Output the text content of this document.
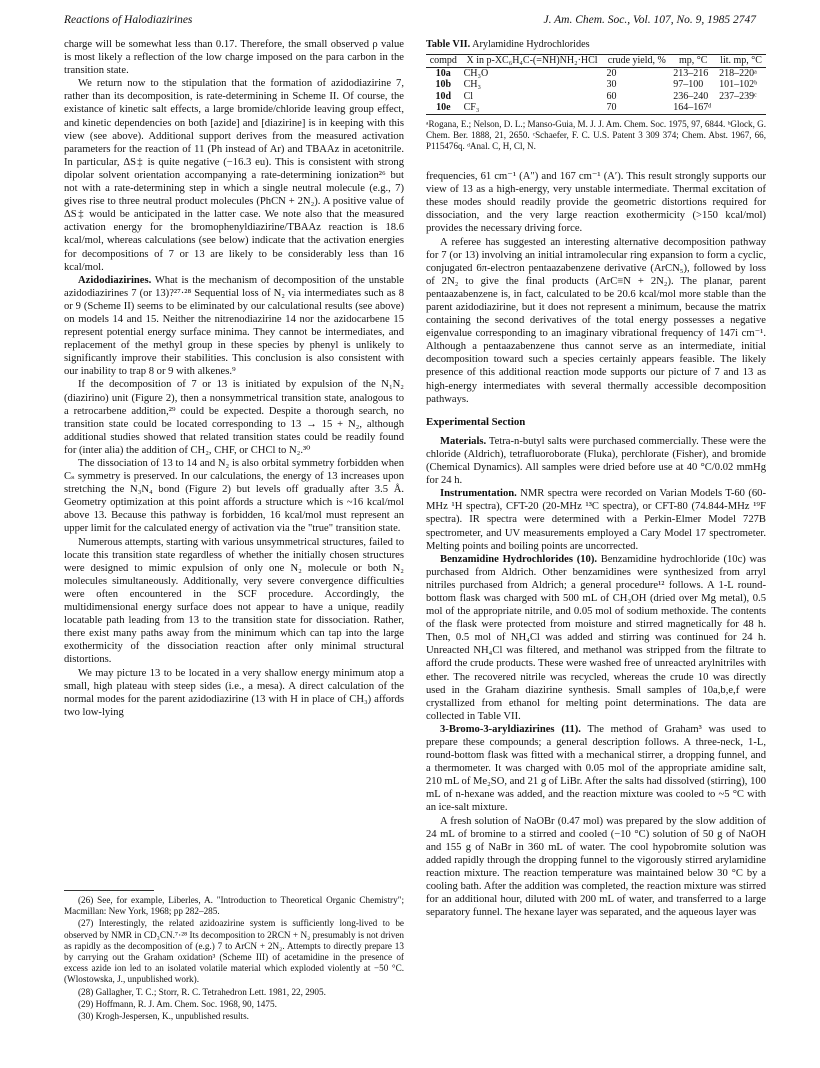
Reactions of Halodiazirines	J. Am. Chem. Soc., Vol. 107, No. 9, 1985 2747

charge will be somewhat less than 0.17. Therefore, the small observed ρ value is most likely a reflection of the low charge imposed on the para carbon in the transition state.

We return now to the stipulation that the formation of azidodiazirine 7, rather than its decomposition, is rate-determining in Scheme II. Of course, the existance of kinetic salt effects, a large bromide/chloride leaving group effect, and kinetic dependencies on both [azide] and [diazirine] is in keeping with this view (see above). Additional support derives from the measured activation parameters for the reaction of 11 (Ph instead of Ar) and TBAAz in acetonitrile. In particular, ΔS‡ is quite negative (−16.3 eu). This is consistent with strong dipolar solvent orientation accompanying a rate-determining ionization²⁶ but not with a rate-determining step in which a single neutral molecule (e.g., 7) gives rise to three neutral product molecules (PhCN + 2N₂). A positive value of ΔS‡ would be anticipated in the latter case. We note also that the measured activation energy for the bromophenyldiazirine/TBAAz reaction is 18.6 kcal/mol, whereas calculations (see below) indicate that the activation energies for decompositions of 7 or 13 are likely to be considerably less than 16 kcal/mol.

Azidodiazirines. What is the mechanism of decomposition of the unstable azidodiazirines 7 (or 13)?²⁷·²⁸ Sequential loss of N₂ via intermediates such as 8 or 9 (Scheme II) seems to be eliminated by our calculational results (see above) on models 14 and 15. Neither the nitrenodiazirine 14 nor the azidocarbene 15 represent potential energy surface minima. They cannot be intermediates, and replacement of the methyl group in these species by phenyl is unlikely to significantly improve their stabilities. This conclusion is also consistent with our inability to trap 8 or 9 with alkenes.⁹

If the decomposition of 7 or 13 is initiated by expulsion of the N₁N₂ (diazirino) unit (Figure 2), then a nonsymmetrical transition state, analogous to a retrocarbene addition,²⁹ could be expected. Despite a thorough search, no transition state could be located corresponding to 13 → 15 + N₂, although additional studies showed that related transition states could be readily found for (inter alia) the addition of CH₂, CHF, or CHCl to N₂.³⁰

The dissociation of 13 to 14 and N₂ is also orbital symmetry forbidden when Cₛ symmetry is preserved. In our calculations, the energy of 13 increases upon stretching the N₃N₄ bond (Figure 2) but levels off gradually after 3.5 Å. Geometry optimization at this point affords a structure which is ~16 kcal/mol above 13. Because this pathway is forbidden, 16 kcal/mol must represent an upper limit for the calculated energy of activation via the "true" transition state.

Numerous attempts, starting with various unsymmetrical structures, failed to locate this transition state regardless of whether the initially chosen structures were designed to mimic expulsion of only one N₂ molecule or both N₂ molecules simultaneously. Additionally, very severe convergence difficulties were often encountered in the SCF procedure. Accordingly, the multidimensional energy surface does not appear to have a unique, readily locatable path leading from 13 to the transition state for dissociation. Rather, there exist many paths away from the minimum which can tap into the large exothermicity of the dissociation reaction after only minimal structural distortions.

We may picture 13 to be located in a very shallow energy minimum atop a small, high plateau with steep sides (i.e., a mesa). A direct calculation of the normal modes for the parent azidodiazirine (13 with H in place of CH₃) affords two low-lying

(26) See, for example, Liberles, A. "Introduction to Theoretical Organic Chemistry"; Macmillan: New York, 1968; pp 282–285.

(27) Interestingly, the related azidoazirine system is sufficiently long-lived to be observed by NMR in CD₃CN.⁷·²⁸ Its decomposition to 2RCN + N₂ presumably is not driven as rapidly as the decomposition of (e.g.) 7 to ArCN + 2N₂. Attempts to directly prepare 13 by carrying out the Graham oxidation³ (Scheme III) of acetamidine in the presence of excess azide ion led to an isolated volatile material which exploded violently at −50 °C. (Wlostowska, J., unpublished work).

(28) Gallagher, T. C.; Storr, R. C. Tetrahedron Lett. 1981, 22, 2905.

(29) Hoffmann, R. J. Am. Chem. Soc. 1968, 90, 1475.

(30) Krogh-Jespersen, K., unpublished results.

Table VII. Arylamidine Hydrochlorides
compd	X in p-XC₆H₄C-(=NH)NH₂·HCl	crude yield, %	mp, °C	lit. mp, °C
10a	CH₃O	20	213–216	218–220ᵃ
10b	CH₃	30	97–100	101–102ᵇ
10d	Cl	60	236–240	237–239ᶜ
10e	CF₃	70	164–167ᵈ	
ᵃRogana, E.; Nelson, D. L.; Manso-Guia, M. J. J. Am. Chem. Soc. 1975, 97, 6844. ᵇGlock, G. Chem. Ber. 1888, 21, 2650. ᶜSchaefer, F. C. U.S. Patent 3 309 374; Chem. Abst. 1967, 66, P115476q. ᵈAnal. C, H, Cl, N.

frequencies, 61 cm⁻¹ (A″) and 167 cm⁻¹ (A′). This result strongly supports our view of 13 as a high-energy, very unstable intermediate. Thermal excitation of these modes should readily provide the geometric distortions required for dissociation, and the very large reaction exothermicity (>150 kcal/mol) provides the necessary driving force.

A referee has suggested an interesting alternative decomposition pathway for 7 (or 13) involving an initial intramolecular ring expansion to form a cyclic, conjugated 6π-electron pentaazabenzene derivative (ArCN₅), followed by loss of 2N₂ to give the final products (ArC≡N + 2N₂). The planar, parent pentaazabenzene is, in fact, calculated to be 20.6 kcal/mol more stable than the parent azidodiazirine, but it does not represent a minimum, because the matrix containing the second derivatives of the total energy possesses a negative eigenvalue corresponding to an imaginary vibrational frequency of 147i cm⁻¹. Although a pentaazabenzene thus cannot serve as an intermediate, initial decomposition toward such a species certainly appears feasible. The likely presence of this additional reaction mode supports our picture of 7 and 13 as high-energy intermediates with several thermally accessible decomposition pathways.

Experimental Section

Materials. Tetra-n-butyl salts were purchased commercially. These were the chloride (Aldrich), tetrafluoroborate (Fluka), perchlorate (Fisher), and bromide (Chemical Dynamics). All samples were dried before use at 40 °C/0.02 mmHg for 24 h.

Instrumentation. NMR spectra were recorded on Varian Models T-60 (60-MHz ¹H spectra), CFT-20 (20-MHz ¹³C spectra), or CFT-80 (74.844-MHz ¹⁹F spectra). IR spectra were determined with a Perkin-Elmer Model 727B spectrometer, and UV measurements employed a Cary Model 17 spectrometer. Melting points and boiling points are uncorrected.

Benzamidine Hydrochlorides (10). Benzamidine hydrochloride (10c) was purchased from Aldrich. Other benzamidines were synthesized from arryl nitriles purchased from Aldrich; a general procedure¹² follows. A 1-L round-bottom flask was charged with 500 mL of CH₃OH (dried over Mg metal), 0.5 mol of the appropriate nitrile, and 0.05 mol of sodium methoxide. The contents of the flask were protected from moisture and stirred magnetically for 48 h. Then, 0.5 mol of NH₄Cl was added and stirring was continued for 24 h. Unreacted NH₄Cl was filtered, and methanol was stripped from the filtrate to afford the crude products. These were washed free of unreacted arylnitriles with ether. The recovered nitrile was recycled, whereas the crude 10 was directly used in the Graham diazirine synthesis. Small samples of 10a,b,e,f were crystallized from ethanol for melting point determinations. The data are collected in Table VII.

3-Bromo-3-aryldiazirines (11). The method of Graham³ was used to prepare these compounds; a general description follows. A three-neck, 1-L, round-bottom flask was fitted with a mechanical stirrer, a dropping funnel, and a thermometer. It was charged with 0.05 mol of the appropriate amidine salt, 210 mL of Me₂SO, and 21 g of LiBr. After the salts had dissolved (stirring), 100 mL of n-hexane was added, and the reaction mixture was cooled to ~5 °C with an ice-salt mixture.

A fresh solution of NaOBr (0.47 mol) was prepared by the slow addition of 24 mL of bromine to a stirred and cooled (−10 °C) solution of 50 g of NaOH and 155 g of NaBr in 360 mL of water. The cool hypobromite solution was added rapidly through the dropping funnel to the vigorously stirred arylamidine reaction mixture. The reaction temperature was maintained below 30 °C by a cooling bath. After the addition was completed, the reaction mixture was stirred for an additional hour, diluted with 200 mL of water, and transferred to a large separatory funnel. The hexane layer was separated, and the aqueous layer was
